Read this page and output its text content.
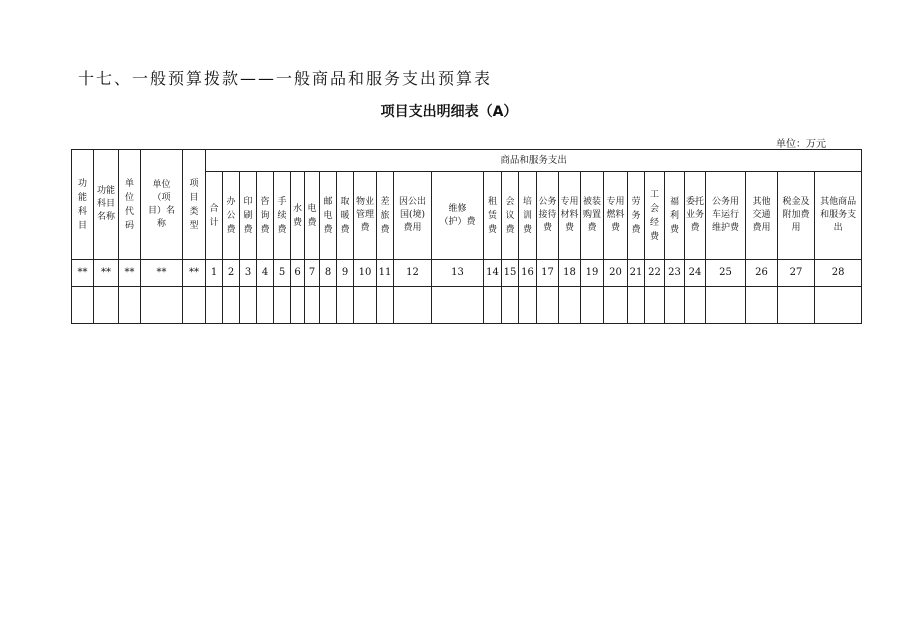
十七、一般预算拨款——一般商品和服务支出预算表
项目支出明细表（A）
单位：万元
功能科目	功能科目名称	单位代码	单位（项目）名称	项目类型	商品和服务支出																											
					合计	办公费	印刷费	咨询费	手续费	水费	电费	邮电费	取暖费	物业管理费	差旅费	因公出国(境)费用	维修（护）费	租赁费	会议费	培训费	公务接待费	专用材料费	被装购置费	专用燃料费	劳务费	工会经费	福利费	委托业务费	公务用车运行维护费	其他交通费用	税金及附加费用	其他商品和服务支出
**	**	**	**	**	1	2	3	4	5	6	7	8	9	10	11	12	13	14	15	16	17	18	19	20	21	22	23	24	25	26	27	28
